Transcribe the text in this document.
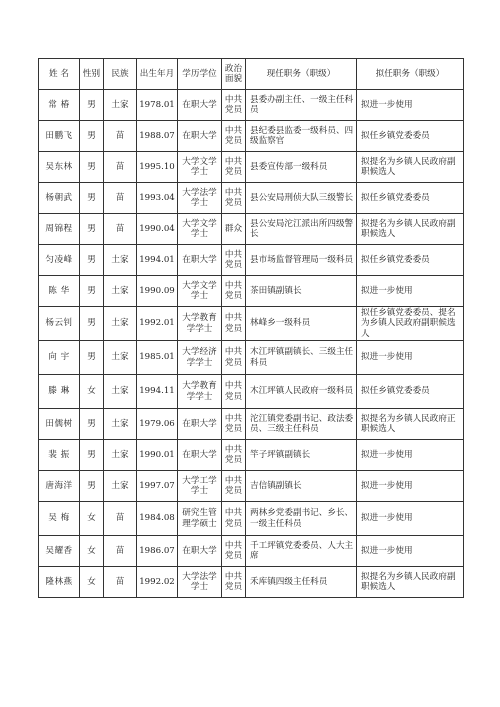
姓 名	性别	民族	出生年月	学历学位	政治面貌	现任职务（职级）	拟任职务（职级）
常 椿	男	土家	1978.01	在职大学	中共党员	县委办副主任、一级主任科员	拟进一步使用
田鹏飞	男	苗	1988.07	在职大学	中共党员	县纪委县监委一级科员、四级监察官	拟任乡镇党委委员
吴东林	男	苗	1995.10	大学文学学士	中共党员	县委宣传部一级科员	拟提名为乡镇人民政府副职候选人
杨朝武	男	苗	1993.04	大学法学学士	中共党员	县公安局刑侦大队三级警长	拟任乡镇党委委员
周锦程	男	苗	1990.04	大学文学学士	群众	县公安局沱江派出所四级警长	拟提名为乡镇人民政府副职候选人
匀凌峰	男	土家	1994.01	在职大学	中共党员	县市场监督管理局一级科员	拟任乡镇党委委员
陈 华	男	土家	1990.09	大学文学学士	中共党员	茶田镇副镇长	拟进一步使用
杨云钊	男	土家	1992.01	大学教育学学士	中共党员	林峰乡一级科员	拟任乡镇党委委员、提名为乡镇人民政府副职候选人
向 宇	男	土家	1985.01	大学经济学学士	中共党员	木江坪镇副镇长、三级主任科员	拟进一步使用
滕 琳	女	土家	1994.11	大学教育学学士	中共党员	木江坪镇人民政府一级科员	拟任乡镇党委委员
田儒树	男	土家	1979.06	在职大学	中共党员	沱江镇党委副书记、政法委员、三级主任科员	拟提名为乡镇人民政府正职候选人
裴 振	男	土家	1990.01	在职大学	中共党员	竿子坪镇副镇长	拟进一步使用
唐海洋	男	土家	1997.07	大学工学学士	中共党员	吉信镇副镇长	拟进一步使用
吴 梅	女	苗	1984.08	研究生管理学硕士	中共党员	两林乡党委副书记、乡长、一级主任科员	拟进一步使用
吴耀香	女	苗	1986.07	在职大学	中共党员	千工坪镇党委委员、人大主席	拟进一步使用
隆林燕	女	苗	1992.02	大学法学学士	中共党员	禾库镇四级主任科员	拟提名为乡镇人民政府副职候选人
